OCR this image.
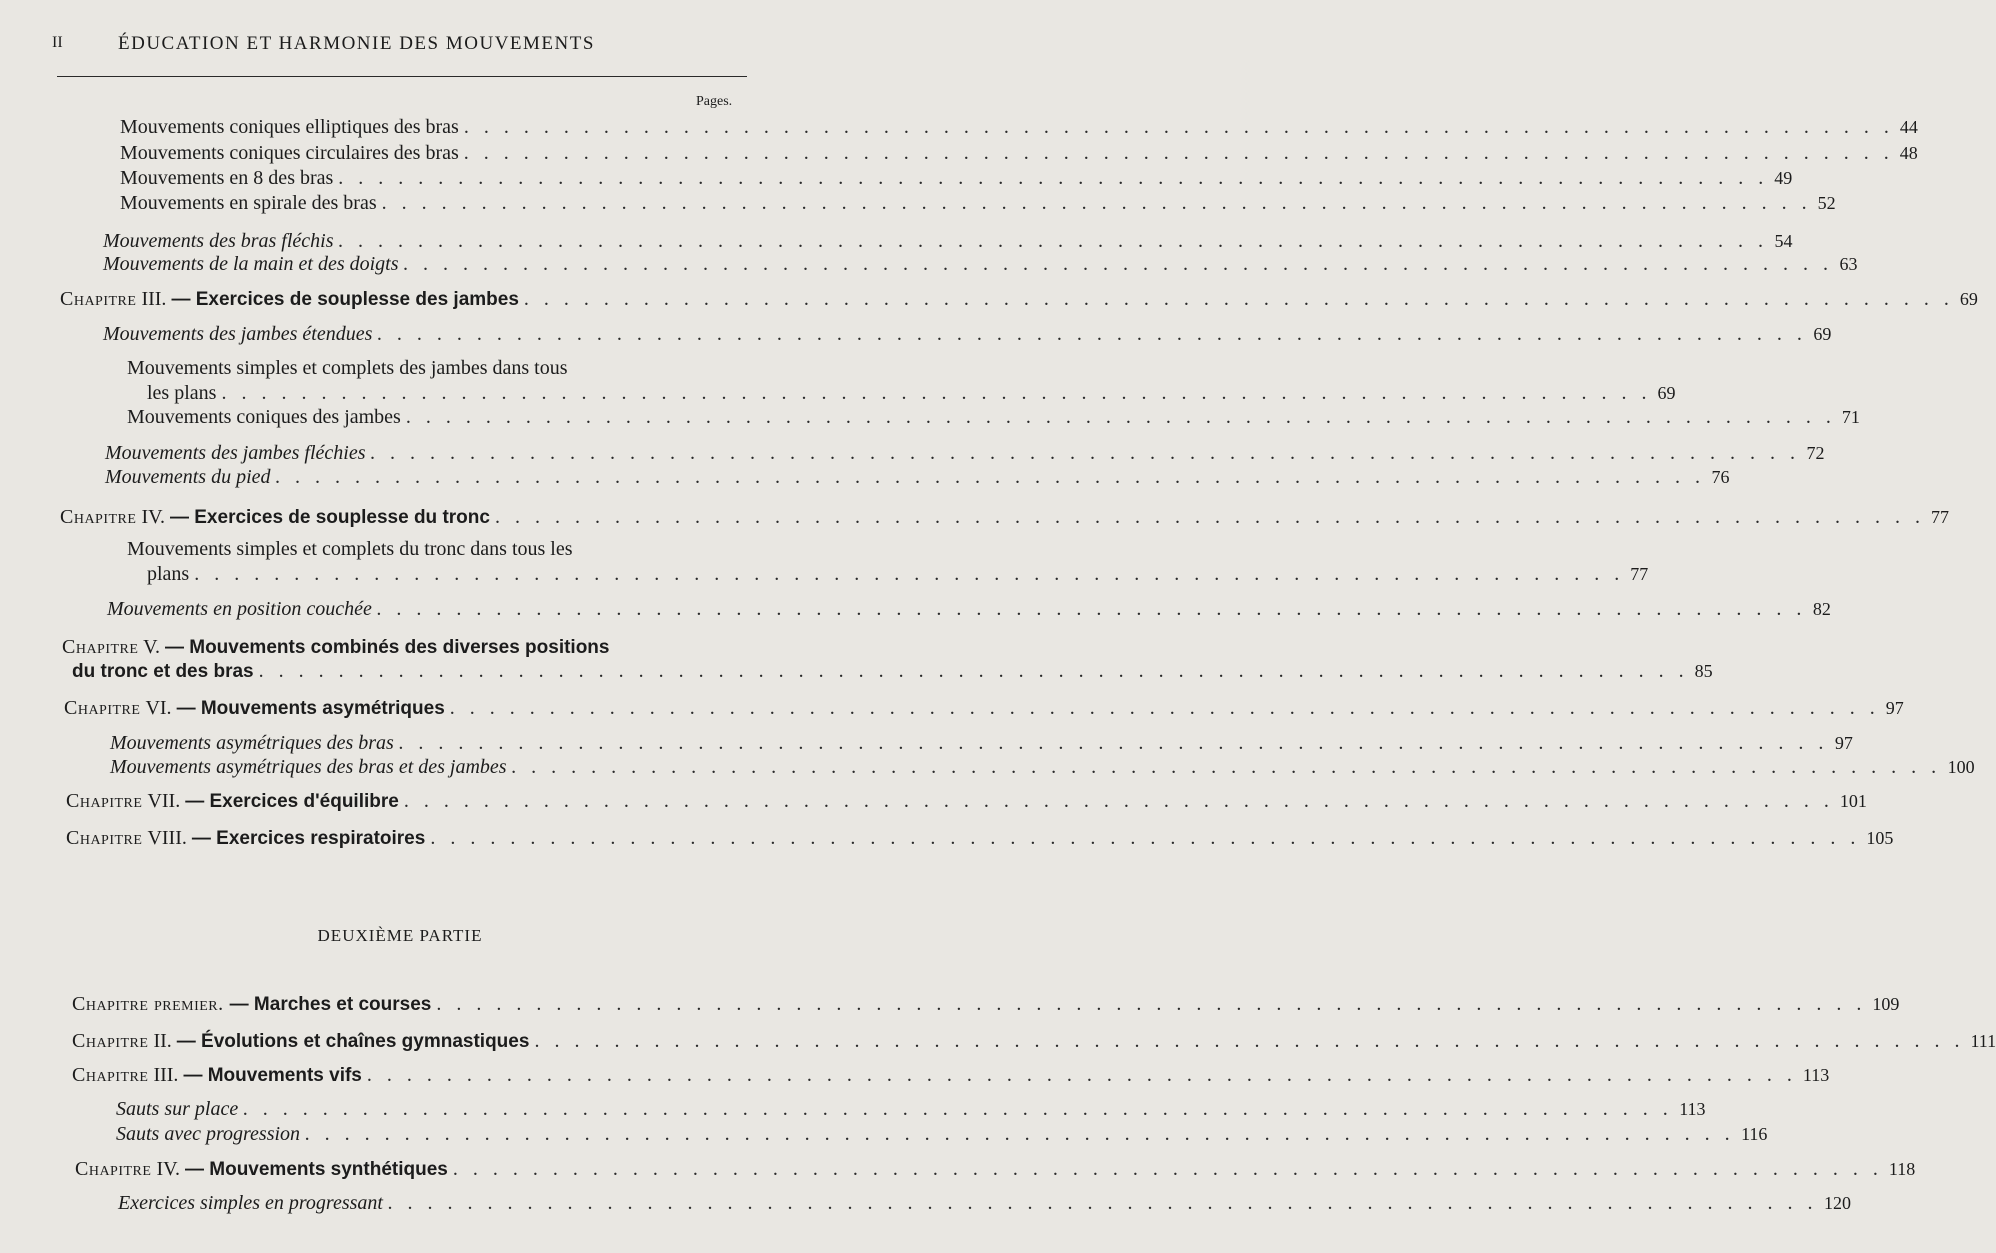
II	ÉDUCATION ET HARMONIE DES MOUVEMENTS
Pages.
Mouvements coniques elliptiques des bras . . .	44
Mouvements coniques circulaires des bras . . .	48
Mouvements en 8 des bras . . .	49
Mouvements en spirale des bras . . .	52
Mouvements des bras fléchis . . .	54
Mouvements de la main et des doigts . . .	63
Chapitre III. — Exercices de souplesse des jambes . . .	69
Mouvements des jambes étendues . . .	69
Mouvements simples et complets des jambes dans tous
les plans . . .	69
Mouvements coniques des jambes . . .	71
Mouvements des jambes fléchies . . .	72
Mouvements du pied . . .	76
Chapitre IV. — Exercices de souplesse du tronc . . .	77
Mouvements simples et complets du tronc dans tous les
plans . . .	77
Mouvements en position couchée . . .	82
Chapitre V. — Mouvements combinés des diverses positions
du tronc et des bras . . .	85
Chapitre VI. — Mouvements asymétriques . . .	97
Mouvements asymétriques des bras . . .	97
Mouvements asymétriques des bras et des jambes . . .	100
Chapitre VII. — Exercices d'équilibre . . .	101
Chapitre VIII. — Exercices respiratoires . . .	105
DEUXIÈME PARTIE
Chapitre premier. — Marches et courses . . .	109
Chapitre II. — Évolutions et chaînes gymnastiques . . .	111
Chapitre III. — Mouvements vifs . . .	113
Sauts sur place . . .	113
Sauts avec progression . . .	116
Chapitre IV. — Mouvements synthétiques . . .	118
Exercices simples en progressant . . .	120
